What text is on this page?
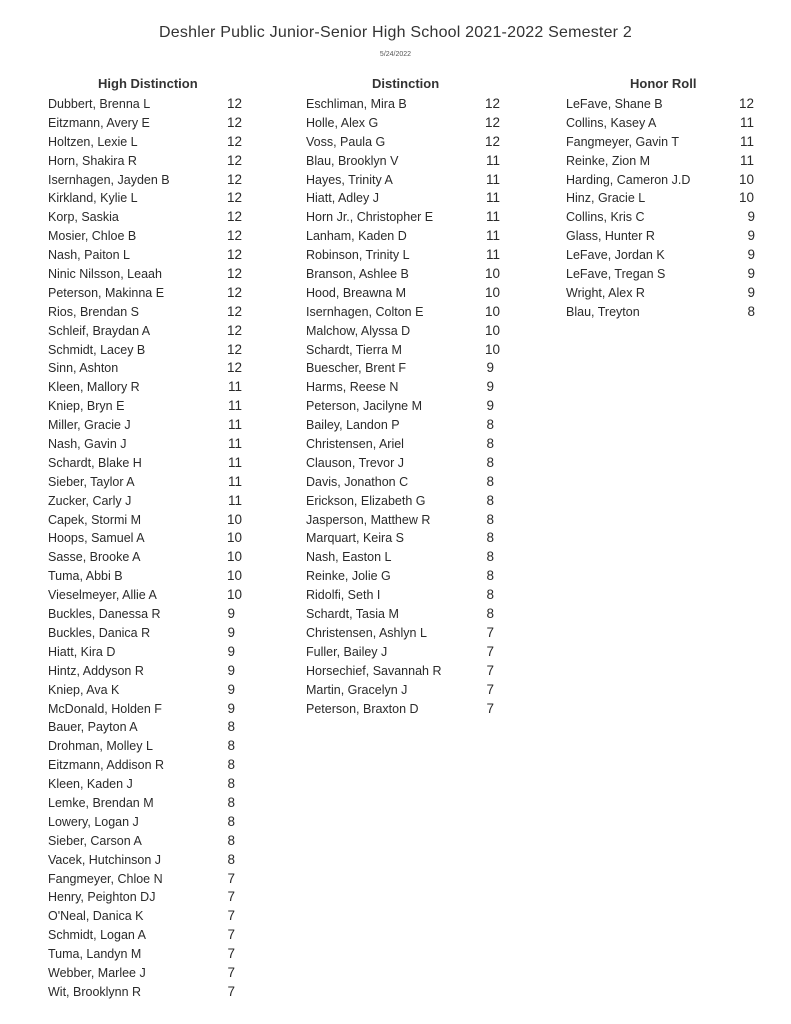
Deshler Public Junior-Senior High School 2021-2022 Semester 2
5/24/2022
High Distinction
Dubbert, Brenna L	12
Eitzmann, Avery E	12
Holtzen, Lexie L	12
Horn, Shakira R	12
Isernhagen, Jayden B	12
Kirkland, Kylie L	12
Korp, Saskia	12
Mosier, Chloe B	12
Nash, Paiton L	12
Ninic Nilsson, Leaah	12
Peterson, Makinna E	12
Rios, Brendan S	12
Schleif, Braydan A	12
Schmidt, Lacey B	12
Sinn, Ashton	12
Kleen, Mallory R	11
Kniep, Bryn E	11
Miller, Gracie J	11
Nash, Gavin J	11
Schardt, Blake H	11
Sieber, Taylor A	11
Zucker, Carly J	11
Capek, Stormi M	10
Hoops, Samuel A	10
Sasse, Brooke A	10
Tuma, Abbi B	10
Vieselmeyer, Allie A	10
Buckles, Danessa R	9
Buckles, Danica R	9
Hiatt, Kira D	9
Hintz, Addyson R	9
Kniep, Ava K	9
McDonald, Holden F	9
Bauer, Payton A	8
Drohman, Molley L	8
Eitzmann, Addison R	8
Kleen, Kaden J	8
Lemke, Brendan M	8
Lowery, Logan J	8
Sieber, Carson A	8
Vacek, Hutchinson J	8
Fangmeyer, Chloe N	7
Henry, Peighton DJ	7
O'Neal, Danica K	7
Schmidt, Logan A	7
Tuma, Landyn M	7
Webber, Marlee J	7
Wit, Brooklynn R	7
Distinction
Eschliman, Mira B	12
Holle, Alex G	12
Voss, Paula G	12
Blau, Brooklyn V	11
Hayes, Trinity A	11
Hiatt, Adley J	11
Horn Jr., Christopher E	11
Lanham, Kaden D	11
Robinson, Trinity L	11
Branson, Ashlee B	10
Hood, Breawna M	10
Isernhagen, Colton E	10
Malchow, Alyssa D	10
Schardt, Tierra M	10
Buescher, Brent F	9
Harms, Reese N	9
Peterson, Jacilyne M	9
Bailey, Landon P	8
Christensen, Ariel	8
Clauson, Trevor J	8
Davis, Jonathon C	8
Erickson, Elizabeth G	8
Jasperson, Matthew R	8
Marquart, Keira S	8
Nash, Easton L	8
Reinke, Jolie G	8
Ridolfi, Seth I	8
Schardt, Tasia M	8
Christensen, Ashlyn L	7
Fuller, Bailey J	7
Horsechief, Savannah R	7
Martin, Gracelyn J	7
Peterson, Braxton D	7
Honor Roll
LeFave, Shane B	12
Collins, Kasey A	11
Fangmeyer, Gavin T	11
Reinke, Zion M	11
Harding, Cameron J.D	10
Hinz, Gracie L	10
Collins, Kris C	9
Glass, Hunter R	9
LeFave, Jordan K	9
LeFave, Tregan S	9
Wright, Alex R	9
Blau, Treyton	8
